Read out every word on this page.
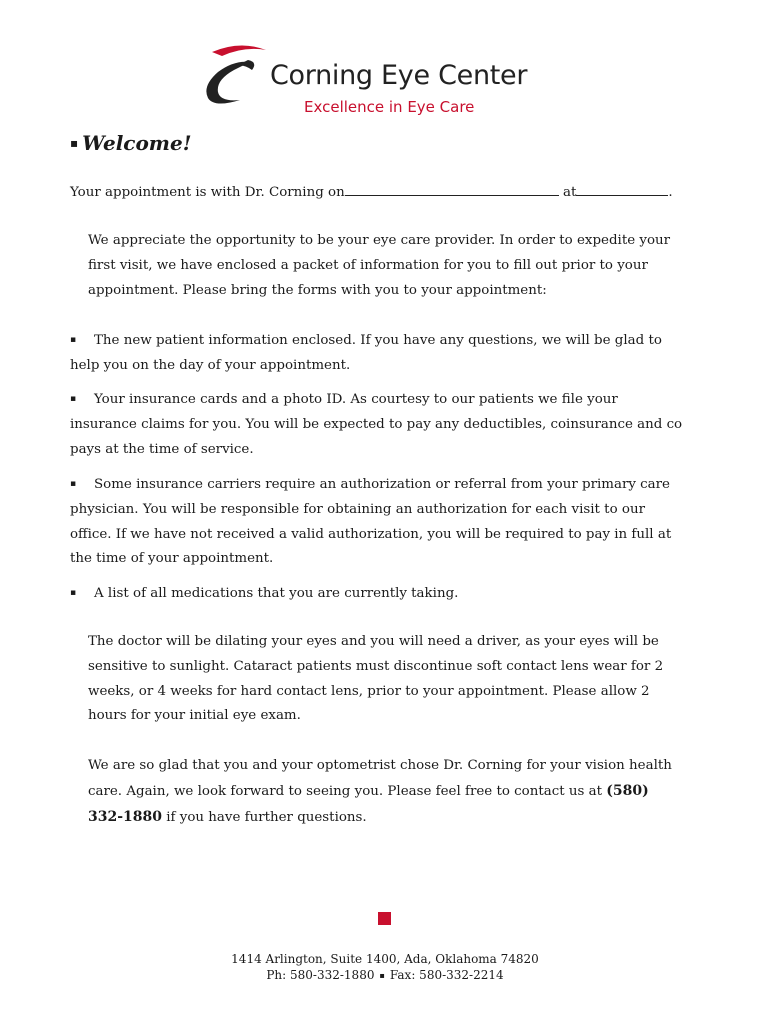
Corning Eye Center
Excellence in Eye Care
▪ Welcome!
Your appointment is with Dr. Corning on	at	.
We appreciate the opportunity to be your eye care provider. In order to expedite your first visit, we have enclosed a packet of information for you to fill out prior to your appointment. Please bring the forms with you to your appointment:
▪ The new patient information enclosed. If you have any questions, we will be glad to help you on the day of your appointment.
▪ Your insurance cards and a photo ID. As courtesy to our patients we file your insurance claims for you. You will be expected to pay any deductibles, coinsurance and co pays at the time of service.
▪ Some insurance carriers require an authorization or referral from your primary care physician. You will be responsible for obtaining an authorization for each visit to our office. If we have not received a valid authorization, you will be required to pay in full at the time of your appointment.
▪ A list of all medications that you are currently taking.
The doctor will be dilating your eyes and you will need a driver, as your eyes will be sensitive to sunlight. Cataract patients must discontinue soft contact lens wear for 2 weeks, or 4 weeks for hard contact lens, prior to your appointment. Please allow 2 hours for your initial eye exam.
We are so glad that you and your optometrist chose Dr. Corning for your vision health care. Again, we look forward to seeing you. Please feel free to contact us at (580) 332-1880 if you have further questions.
1414 Arlington, Suite 1400, Ada, Oklahoma 74820
Ph: 580-332-1880 ▪ Fax: 580-332-2214
